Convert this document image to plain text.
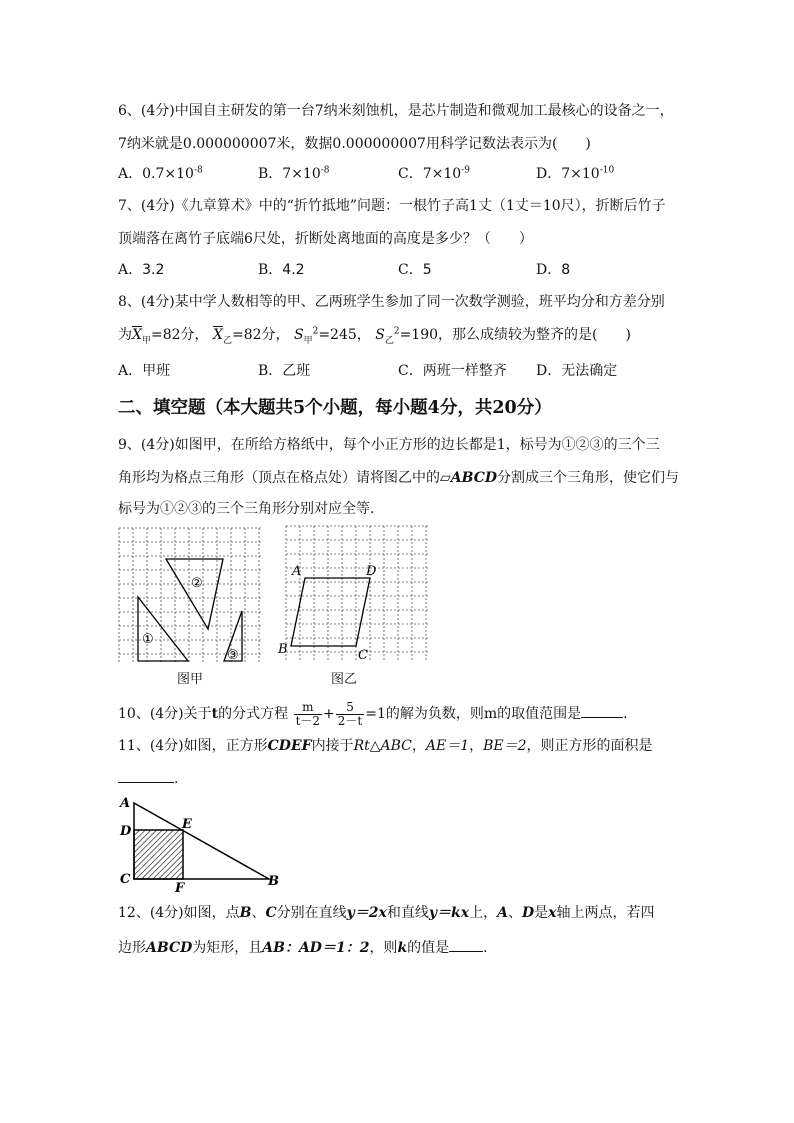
6、(4分)中国自主研发的第一台7纳米刻蚀机，是芯片制造和微观加工最核心的设备之一，
7纳米就是0.000000007米，数据0.000000007用科学记数法表示为(　　)
A．$0.7\times 10^{-8}$	B．$7\times 10^{-8}$	C．$7\times 10^{-9}$	D．$7\times 10^{-10}$
7、(4分)《九章算术》中的“折竹抵地”问题：一根竹子高1丈（1丈＝10尺），折断后竹子
顶端落在离竹子底端6尺处，折断处离地面的高度是多少？（　　）
A．3.2	B．4.2	C．5	D．8
8、(4分)某中学人数相等的甲、乙两班学生参加了同一次数学测验，班平均分和方差分别
为$\overline{X}_甲=82$分， $\overline{X}_乙=82$分， $S_甲^2=245$， $S_乙^2=190$，那么成绩较为整齐的是(　　)
A．甲班	B．乙班	C．两班一样整齐 D．无法确定
二、填空题（本大题共5个小题，每小题4分，共20分）
9、(4分)如图甲，在所给方格纸中，每个小正方形的边长都是1，标号为①②③的三个三
角形均为格点三角形（顶点在格点处）请将图乙中的▱ABCD分割成三个三角形，使它们与
标号为①②③的三个三角形分别对应全等.
①
②
③
图甲
A	D
B	C
图乙
10、(4分)关于t的分式方程 $\frac{m}{t-2} + \frac{5}{2-t} =1$的解为负数，则m的取值范围是	.
11、(4分)如图，正方形CDEF内接于Rt△ABC，AE＝1，BE＝2，则正方形的面积是
.
A
D	E
C
F	B
12、(4分)如图，点B、C分别在直线y＝2x和直线y＝kx上，A、D是x轴上两点，若四
边形ABCD为矩形，且AB：AD＝1：2，则k的值是 .
